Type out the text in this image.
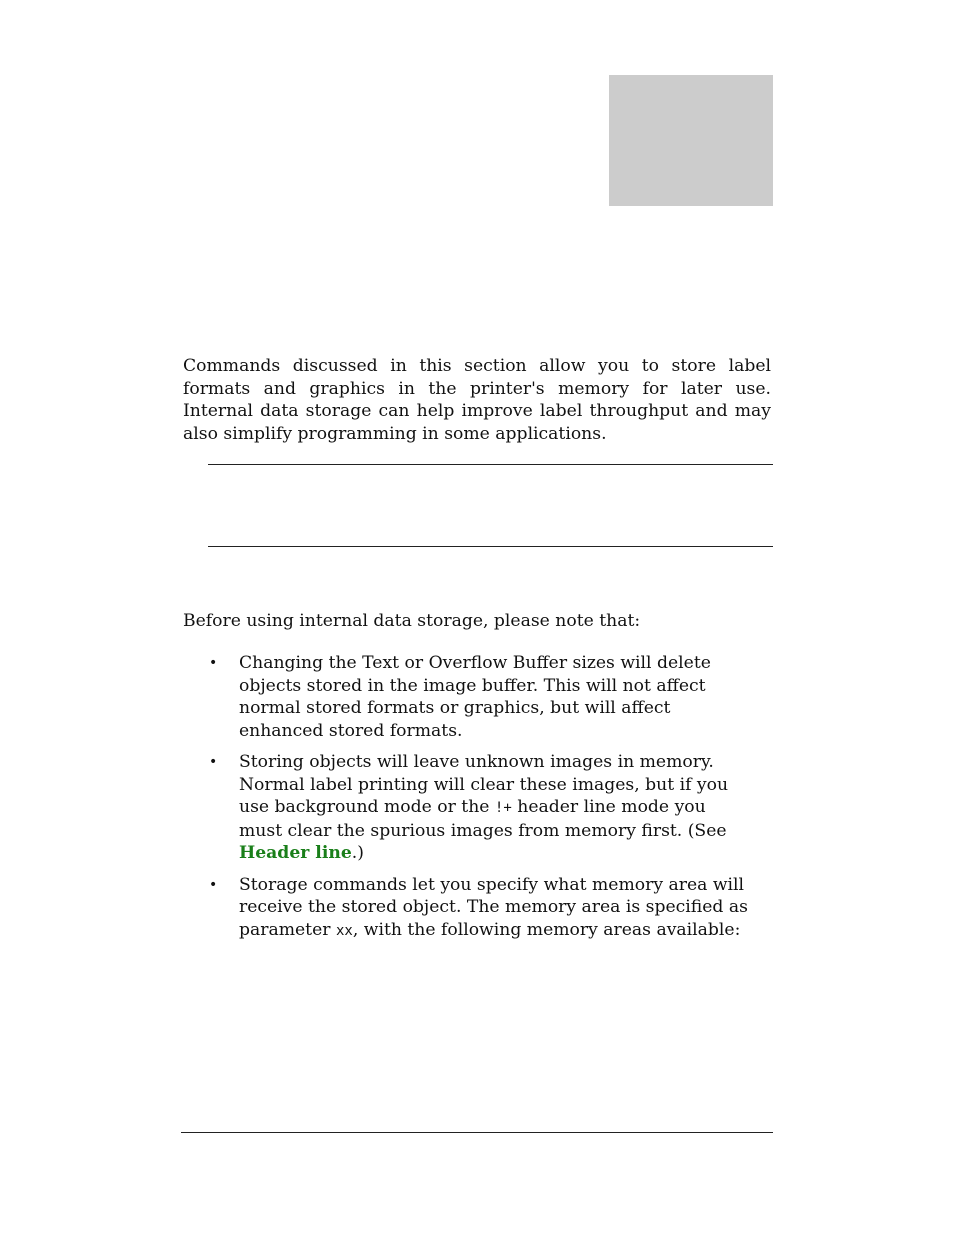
Commands discussed in this section allow you to store label formats and graphics in the printer's memory for later use. Internal data storage can help improve label throughput and may also simplify programming in some applications.

Before using internal data storage, please note that:

• Changing the Text or Overflow Buffer sizes will delete objects stored in the image buffer. This will not affect normal stored formats or graphics, but will affect enhanced stored formats.
• Storing objects will leave unknown images in memory. Normal label printing will clear these images, but if you use background mode or the !+ header line mode you must clear the spurious images from memory first. (See Header line.)
• Storage commands let you specify what memory area will receive the stored object. The memory area is specified as parameter xx, with the following memory areas available:
